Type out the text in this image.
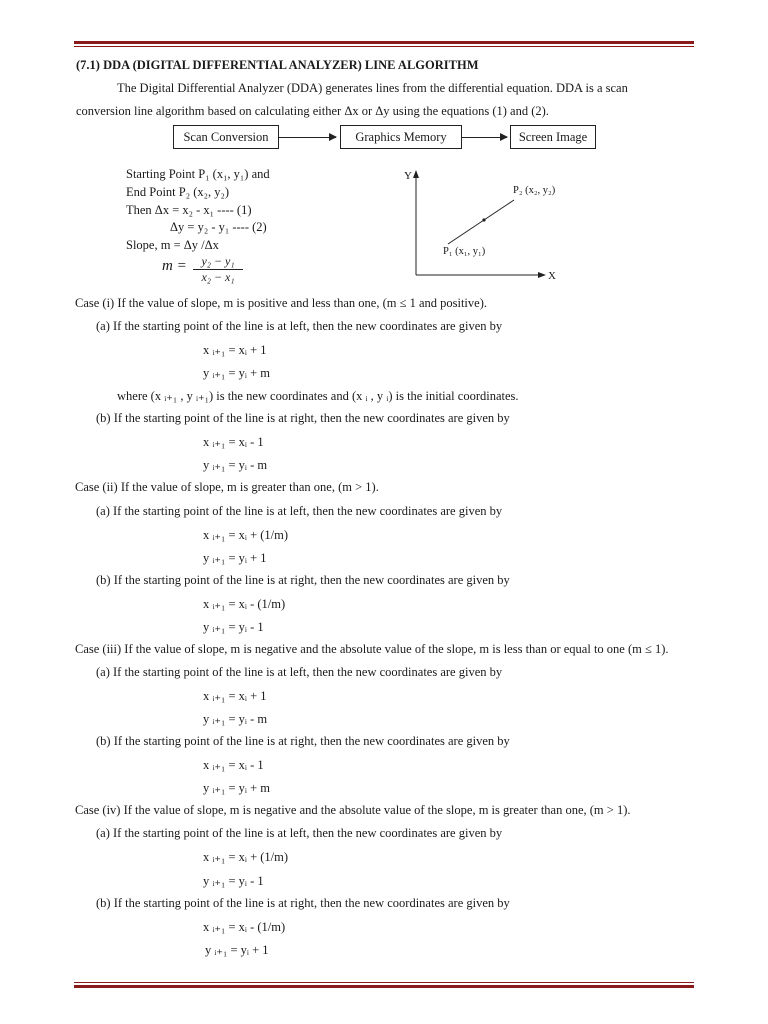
(7.1) DDA (DIGITAL DIFFERENTIAL ANALYZER) LINE ALGORITHM
The Digital Differential Analyzer (DDA) generates lines from the differential equation. DDA is a scan
conversion line algorithm based on calculating either Δx or Δy using the equations (1) and (2).
Scan Conversion	Graphics Memory	Screen Image
Starting Point P₁ (x₁, y₁) and
End Point P₂ (x₂, y₂)
Then Δx = x₂ - x₁ ---- (1)
Δy = y₂ - y₁ ---- (2)
Slope, m = Δy /Δx
$m = \frac{\text{y₂ − y₁}}{\text{x₂ − x₁}}$
Y
X
P₂ (x₂, y₂)
P₁ (x₁, y₁)
Case (i) If the value of slope, m is positive and less than one, (m ≤ 1 and positive).
(a) If the starting point of the line is at left, then the new coordinates are given by
x ᵢ₊₁ = xᵢ + 1
y ᵢ₊₁ = yᵢ + m
where (x ᵢ₊₁ , y ᵢ₊₁) is the new coordinates and (x ᵢ , y ᵢ) is the initial coordinates.
(b) If the starting point of the line is at right, then the new coordinates are given by
x ᵢ₊₁ = xᵢ - 1
y ᵢ₊₁ = yᵢ - m
Case (ii) If the value of slope, m is greater than one, (m > 1).
(a) If the starting point of the line is at left, then the new coordinates are given by
x ᵢ₊₁ = xᵢ + (1/m)
y ᵢ₊₁ = yᵢ + 1
(b) If the starting point of the line is at right, then the new coordinates are given by
x ᵢ₊₁ = xᵢ - (1/m)
y ᵢ₊₁ = yᵢ - 1
Case (iii) If the value of slope, m is negative and the absolute value of the slope, m is less than or equal to one (m ≤ 1).
(a) If the starting point of the line is at left, then the new coordinates are given by
x ᵢ₊₁ = xᵢ + 1
y ᵢ₊₁ = yᵢ - m
(b) If the starting point of the line is at right, then the new coordinates are given by
x ᵢ₊₁ = xᵢ - 1
y ᵢ₊₁ = yᵢ + m
Case (iv) If the value of slope, m is negative and the absolute value of the slope, m is greater than one, (m > 1).
(a) If the starting point of the line is at left, then the new coordinates are given by
x ᵢ₊₁ = xᵢ + (1/m)
y ᵢ₊₁ = yᵢ - 1
(b) If the starting point of the line is at right, then the new coordinates are given by
x ᵢ₊₁ = xᵢ - (1/m)
y ᵢ₊₁ = yᵢ + 1
